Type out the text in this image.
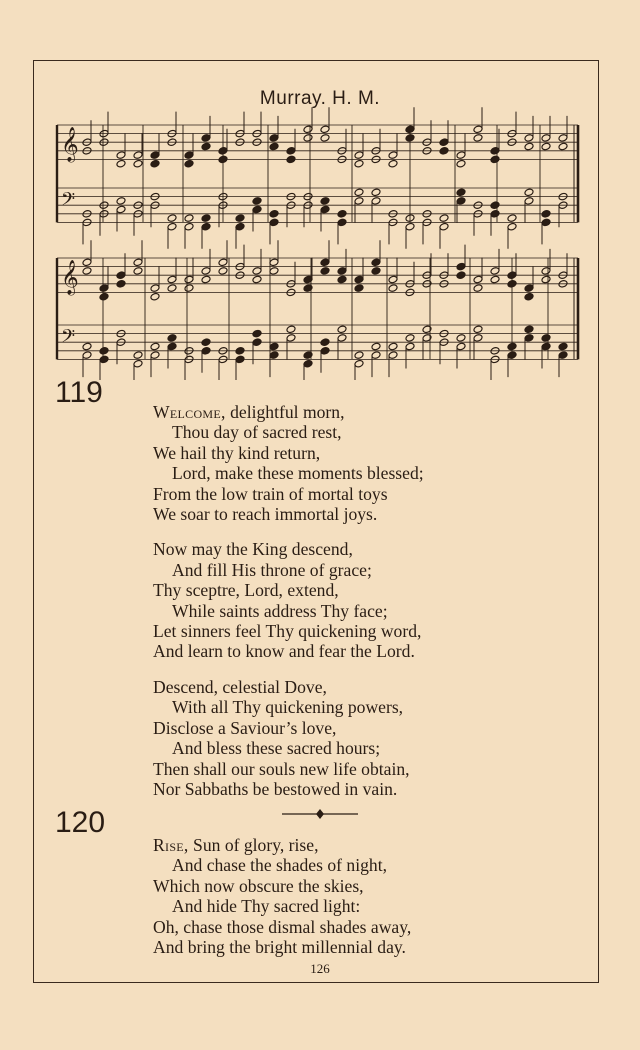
Murray. H. M.
𝄞
𝄢
𝄞
𝄢
119
Welcome, delightful morn,
Thou day of sacred rest,
We hail thy kind return,
Lord, make these moments blessed;
From the low train of mortal toys
We soar to reach immortal joys.
Now may the King descend,
And fill His throne of grace;
Thy sceptre, Lord, extend,
While saints address Thy face;
Let sinners feel Thy quickening word,
And learn to know and fear the Lord.
Descend, celestial Dove,
With all Thy quickening powers,
Disclose a Saviour’s love,
And bless these sacred hours;
Then shall our souls new life obtain,
Nor Sabbaths be bestowed in vain.
120
Rise, Sun of glory, rise,
And chase the shades of night,
Which now obscure the skies,
And hide Thy sacred light:
Oh, chase those dismal shades away,
And bring the bright millennial day.
126
